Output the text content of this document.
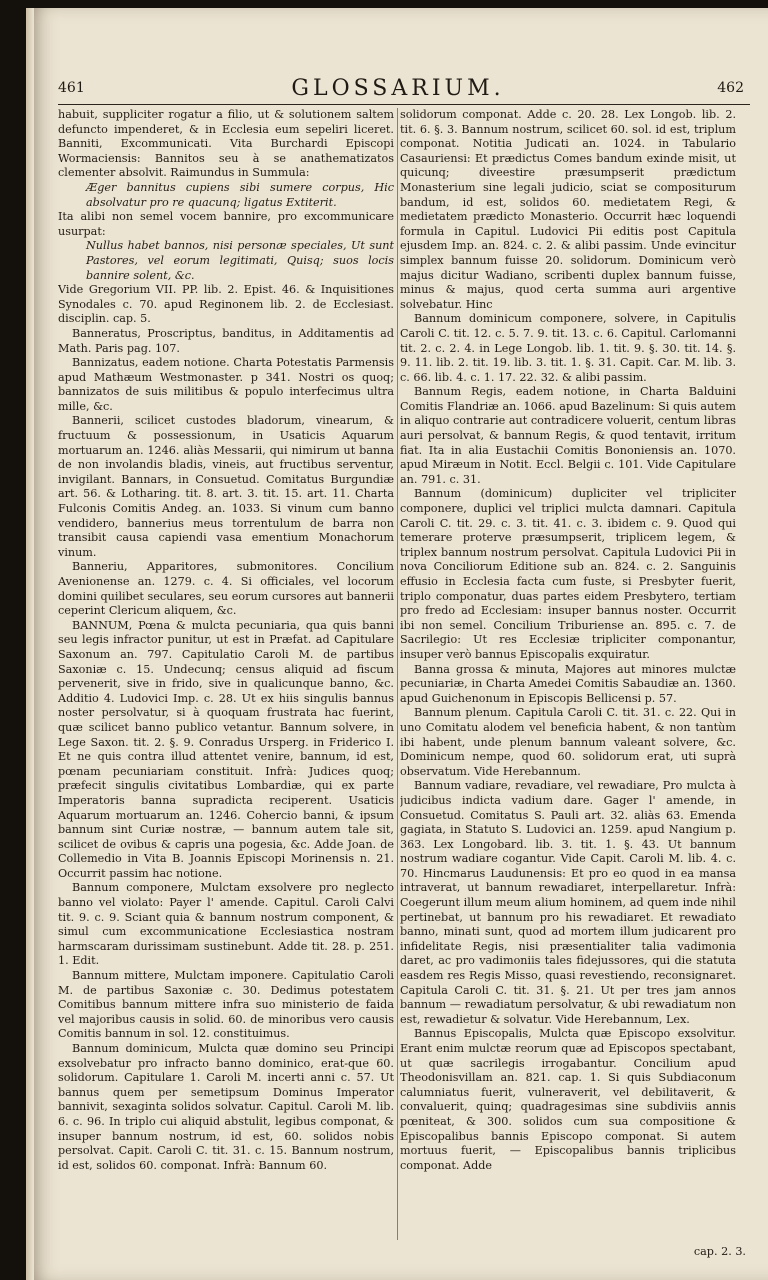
461	GLOSSARIUM.	462

habuit, suppliciter rogatur a filio, ut & solutionem saltem defuncto impenderet, & in Ecclesia eum sepeliri liceret. Banniti, Excommunicati. Vita Burchardi Episcopi Wormaciensis: Bannitos seu à se anathematizatos clementer absolvit. Raimundus in Summula:

Æger bannitus cupiens sibi sumere corpus, Hic absolvatur pro re quacunq; ligatus Extiterit.

Ita alibi non semel vocem bannire, pro excommunicare usurpat:

Nullus habet bannos, nisi personæ speciales, Ut sunt Pastores, vel eorum legitimati, Quisq; suos locis bannire solent, &c.

Vide Gregorium VII. PP. lib. 2. Epist. 46. & Inquisitiones Synodales c. 70. apud Reginonem lib. 2. de Ecclesiast. disciplin. cap. 5.

Banneratus, Proscriptus, banditus, in Additamentis ad Math. Paris pag. 107.

Bannizatus, eadem notione. Charta Potestatis Parmensis apud Mathæum Westmonaster. p 341. Nostri os quoq; bannizatos de suis militibus & populo interfecimus ultra mille, &c.

Bannerii, scilicet custodes bladorum, vinearum, & fructuum & possessionum, in Usaticis Aquarum mortuarum an. 1246. aliàs Messarii, qui nimirum ut banna de non involandis bladis, vineis, aut fructibus serventur, invigilant. Bannars, in Consuetud. Comitatus Burgundiæ art. 56. & Lotharing. tit. 8. art. 3. tit. 15. art. 11. Charta Fulconis Comitis Andeg. an. 1033. Si vinum cum banno vendidero, bannerius meus torrentulum de barra non transibit causa capiendi vasa ementium Monachorum vinum.

Banneriu, Apparitores, submonitores. Concilium Avenionense an. 1279. c. 4. Si officiales, vel locorum domini quilibet seculares, seu eorum cursores aut bannerii ceperint Clericum aliquem, &c.

BANNUM, Pœna & mulcta pecuniaria, qua quis banni seu legis infractor punitur, ut est in Præfat. ad Capitulare Saxonum an. 797. Capitulatio Caroli M. de partibus Saxoniæ c. 15. Undecunq; census aliquid ad fiscum pervenerit, sive in frido, sive in qualicunque banno, &c. Additio 4. Ludovici Imp. c. 28. Ut ex hiis singulis bannus noster persolvatur, si à quoquam frustrata hac fuerint, quæ scilicet banno publico vetantur. Bannum solvere, in Lege Saxon. tit. 2. §. 9. Conradus Ursperg. in Friderico I. Et ne quis contra illud attentet venire, bannum, id est, pœnam pecuniariam constituit. Infrà: Judices quoq; præfecit singulis civitatibus Lombardiæ, qui ex parte Imperatoris banna supradicta reciperent. Usaticis Aquarum mortuarum an. 1246. Cohercio banni, & ipsum bannum sint Curiæ nostræ, — bannum autem tale sit, scilicet de ovibus & capris una pogesia, &c. Adde Joan. de Collemedio in Vita B. Joannis Episcopi Morinensis n. 21. Occurrit passim hac notione.

Bannum componere, Mulctam exsolvere pro neglecto banno vel violato: Payer l' amende. Capitul. Caroli Calvi tit. 9. c. 9. Sciant quia & bannum nostrum component, & simul cum excommunicatione Ecclesiastica nostram harmscaram durissimam sustinebunt. Adde tit. 28. p. 251. 1. Edit.

Bannum mittere, Mulctam imponere. Capitulatio Caroli M. de partibus Saxoniæ c. 30. Dedimus potestatem Comitibus bannum mittere infra suo ministerio de faida vel majoribus causis in solid. 60. de minoribus vero causis Comitis bannum in sol. 12. constituimus.

Bannum dominicum, Mulcta quæ domino seu Principi exsolvebatur pro infracto banno dominico, erat-que 60. solidorum. Capitulare 1. Caroli M. incerti anni c. 57. Ut bannus quem per semetipsum Dominus Imperator bannivit, sexaginta solidos solvatur. Capitul. Caroli M. lib. 6. c. 96. In triplo cui aliquid abstulit, legibus componat, & insuper bannum nostrum, id est, 60. solidos nobis persolvat. Capit. Caroli C. tit. 31. c. 15. Bannum nostrum, id est, solidos 60. componat. Infrà: Bannum 60.

solidorum componat. Adde c. 20. 28. Lex Longob. lib. 2. tit. 6. §. 3. Bannum nostrum, scilicet 60. sol. id est, triplum componat. Notitia Judicati an. 1024. in Tabulario Casauriensi: Et prædictus Comes bandum exinde misit, ut quicunq; diveestire præsumpserit prædictum Monasterium sine legali judicio, sciat se compositurum bandum, id est, solidos 60. medietatem Regi, & medietatem prædicto Monasterio. Occurrit hæc loquendi formula in Capitul. Ludovici Pii editis post Capitula ejusdem Imp. an. 824. c. 2. & alibi passim. Unde evincitur simplex bannum fuisse 20. solidorum. Dominicum verò majus dicitur Wadiano, scribenti duplex bannum fuisse, minus & majus, quod certa summa auri argentive solvebatur. Hinc

Bannum dominicum componere, solvere, in Capitulis Caroli C. tit. 12. c. 5. 7. 9. tit. 13. c. 6. Capitul. Carlomanni tit. 2. c. 2. 4. in Lege Longob. lib. 1. tit. 9. §. 30. tit. 14. §. 9. 11. lib. 2. tit. 19. lib. 3. tit. 1. §. 31. Capit. Car. M. lib. 3. c. 66. lib. 4. c. 1. 17. 22. 32. & alibi passim.

Bannum Regis, eadem notione, in Charta Balduini Comitis Flandriæ an. 1066. apud Bazelinum: Si quis autem in aliquo contrarie aut contradicere voluerit, centum libras auri persolvat, & bannum Regis, & quod tentavit, irritum fiat. Ita in alia Eustachii Comitis Bononiensis an. 1070. apud Miræum in Notit. Eccl. Belgii c. 101. Vide Capitulare an. 791. c. 31.

Bannum (dominicum) dupliciter vel tripliciter componere, duplici vel triplici mulcta damnari. Capitula Caroli C. tit. 29. c. 3. tit. 41. c. 3. ibidem c. 9. Quod qui temerare proterve præsumpserit, triplicem legem, & triplex bannum nostrum persolvat. Capitula Ludovici Pii in nova Conciliorum Editione sub an. 824. c. 2. Sanguinis effusio in Ecclesia facta cum fuste, si Presbyter fuerit, triplo componatur, duas partes eidem Presbytero, tertiam pro fredo ad Ecclesiam: insuper bannus noster. Occurrit ibi non semel. Concilium Triburiense an. 895. c. 7. de Sacrilegio: Ut res Ecclesiæ tripliciter componantur, insuper verò bannus Episcopalis exquiratur.

Banna grossa & minuta, Majores aut minores mulctæ pecuniariæ, in Charta Amedei Comitis Sabaudiæ an. 1360. apud Guichenonum in Episcopis Bellicensi p. 57.

Bannum plenum. Capitula Caroli C. tit. 31. c. 22. Qui in uno Comitatu alodem vel beneficia habent, & non tantùm ibi habent, unde plenum bannum valeant solvere, &c. Dominicum nempe, quod 60. solidorum erat, uti suprà observatum. Vide Herebannum.

Bannum vadiare, revadiare, vel rewadiare, Pro mulcta à judicibus indicta vadium dare. Gager l' amende, in Consuetud. Comitatus S. Pauli art. 32. aliàs 63. Emenda gagiata, in Statuto S. Ludovici an. 1259. apud Nangium p. 363. Lex Longobard. lib. 3. tit. 1. §. 43. Ut bannum nostrum wadiare cogantur. Vide Capit. Caroli M. lib. 4. c. 70. Hincmarus Laudunensis: Et pro eo quod in ea mansa intraverat, ut bannum rewadiaret, interpellaretur. Infrà: Coegerunt illum meum alium hominem, ad quem inde nihil pertinebat, ut bannum pro his rewadiaret. Et rewadiato banno, minati sunt, quod ad mortem illum judicarent pro infidelitate Regis, nisi præsentialiter talia vadimonia daret, ac pro vadimoniis tales fidejussores, qui die statuta easdem res Regis Misso, quasi revestiendo, reconsignaret. Capitula Caroli C. tit. 31. §. 21. Ut per tres jam annos bannum — rewadiatum persolvatur, & ubi rewadiatum non est, rewadietur & solvatur. Vide Herebannum, Lex.

Bannus Episcopalis, Mulcta quæ Episcopo exsolvitur. Erant enim mulctæ reorum quæ ad Episcopos spectabant, ut quæ sacrilegis irrogabantur. Concilium apud Theodonisvillam an. 821. cap. 1. Si quis Subdiaconum calumniatus fuerit, vulneraverit, vel debilitaverit, & convaluerit, quinq; quadragesimas sine subdiviis annis pœniteat, & 300. solidos cum sua compositione & Episcopalibus bannis Episcopo componat. Si autem mortuus fuerit, — Episcopalibus bannis triplicibus componat. Adde

cap. 2. 3.
